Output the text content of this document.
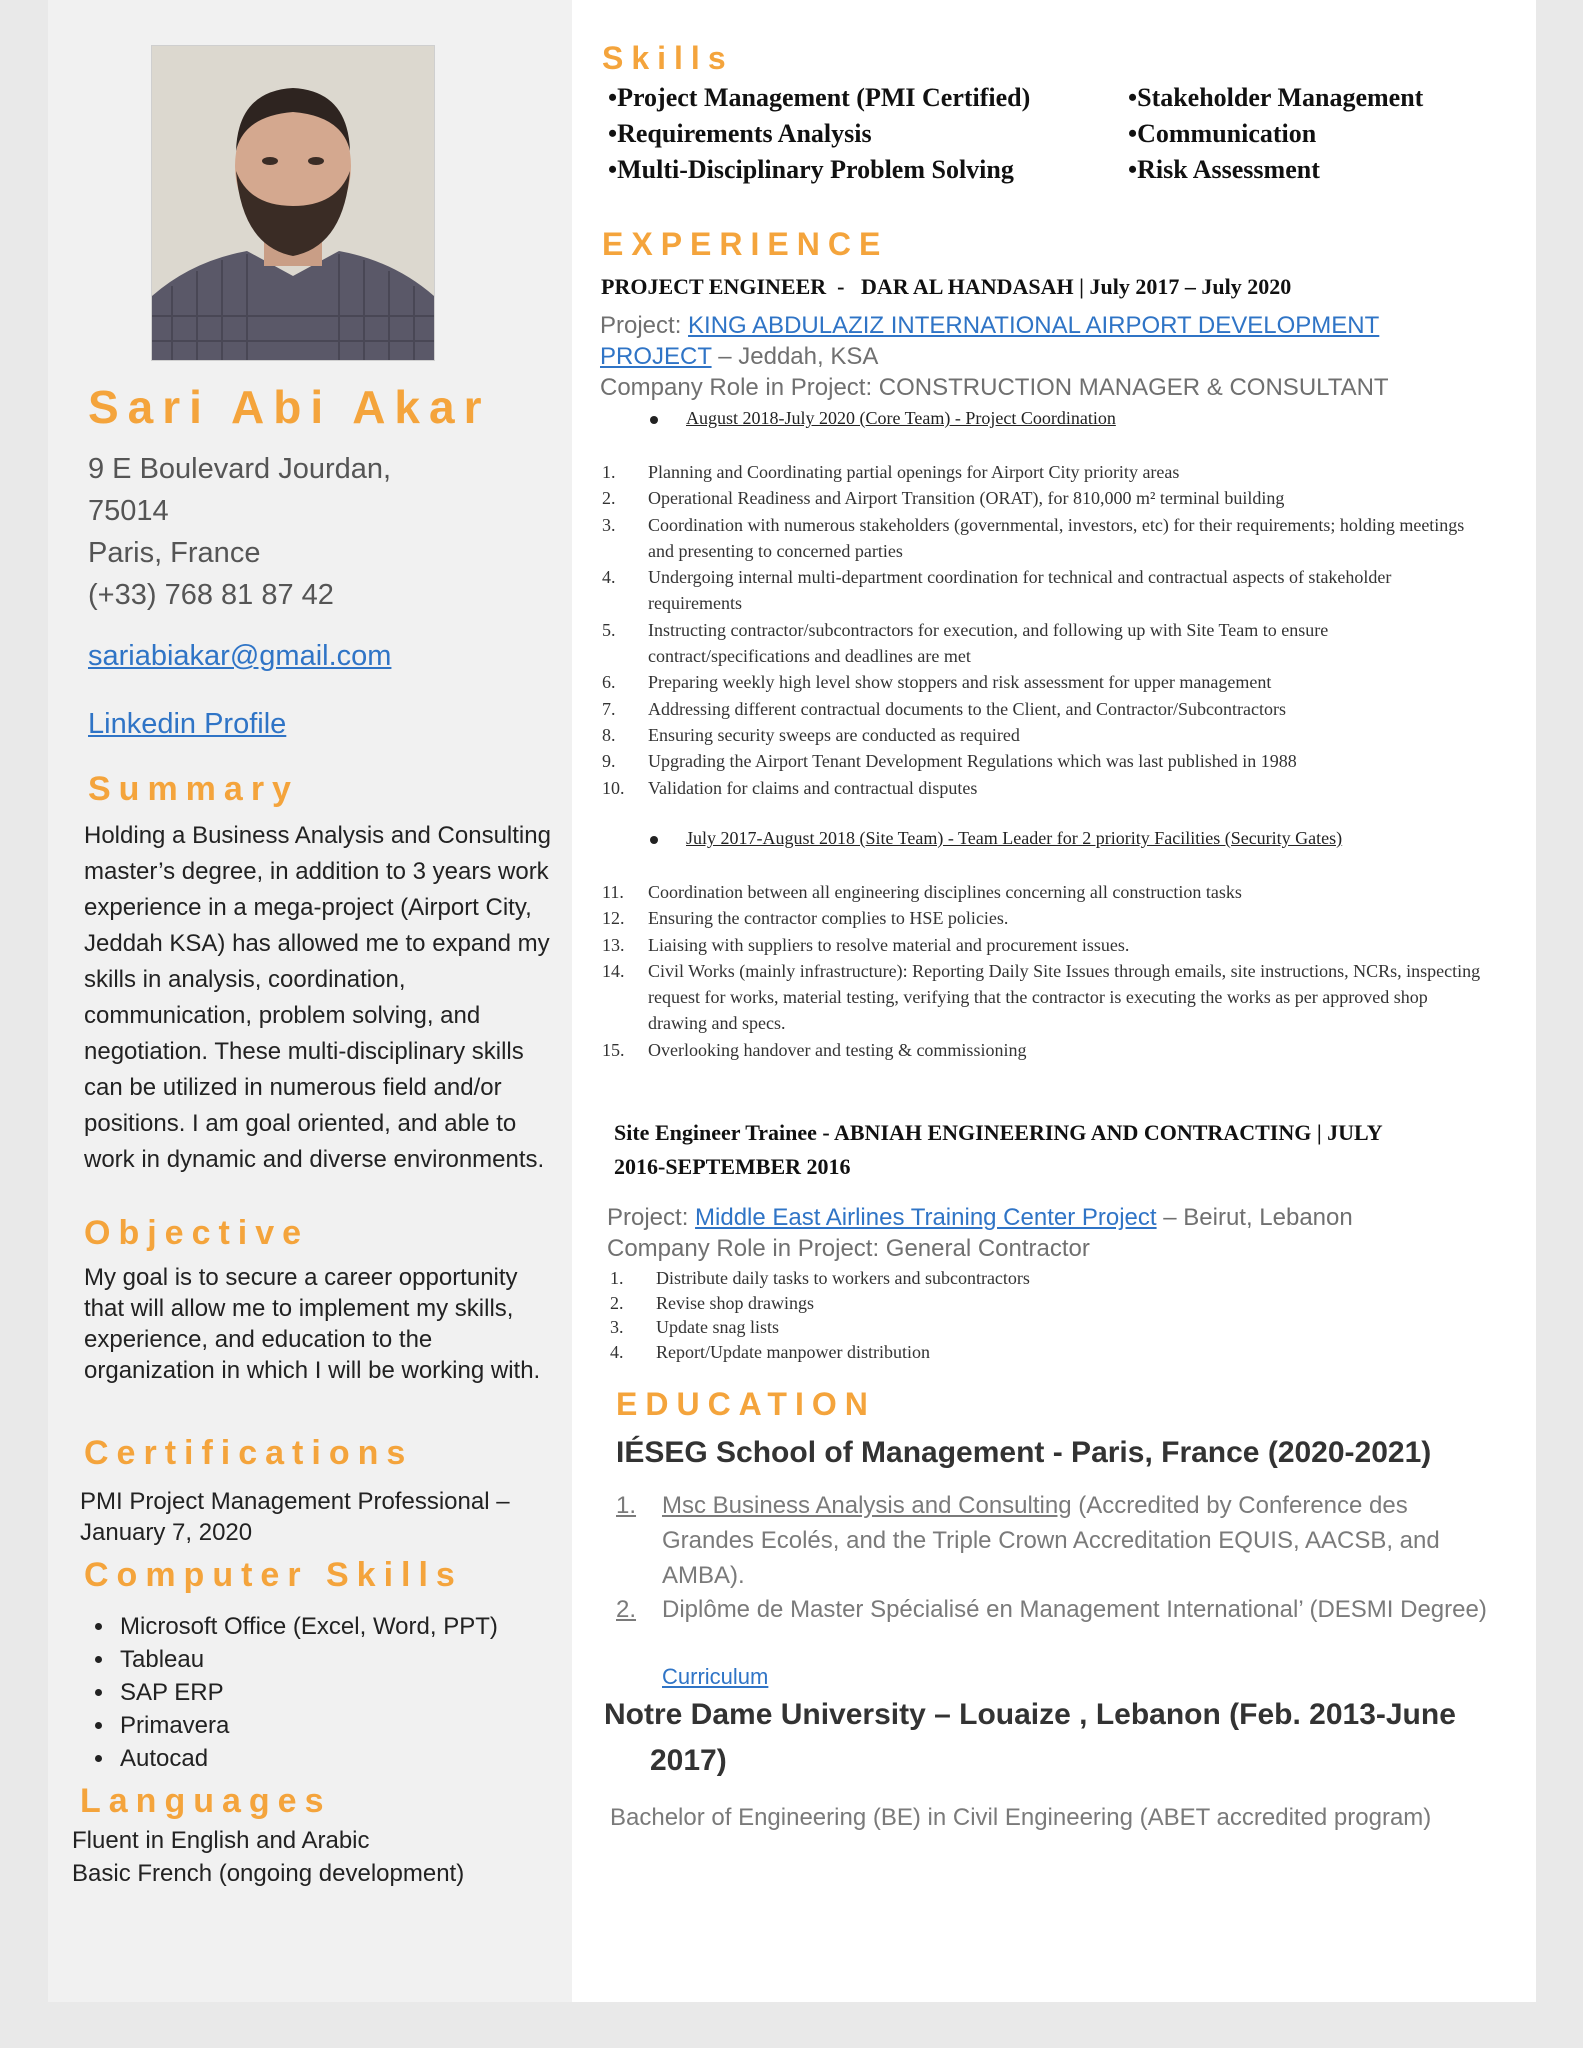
Sari Abi Akar
9 E Boulevard Jourdan,
75014
Paris, France
(+33) 768 81 87 42
sariabiakar@gmail.com
Linkedin Profile
Summary
Holding a Business Analysis and Consulting master’s degree, in addition to 3 years work experience in a mega-project (Airport City, Jeddah KSA) has allowed me to expand my skills in analysis, coordination, communication, problem solving, and negotiation. These multi-disciplinary skills can be utilized in numerous field and/or positions. I am goal oriented, and able to work in dynamic and diverse environments.
Objective
My goal is to secure a career opportunity that will allow me to implement my skills, experience, and education to the organization in which I will be working with.
Certifications
PMI Project Management Professional – January 7, 2020
Computer Skills
• Microsoft Office (Excel, Word, PPT)
• Tableau
• SAP ERP
• Primavera
• Autocad
Languages
Fluent in English and Arabic
Basic French (ongoing development)
Skills
•Project Management (PMI Certified)	•Stakeholder Management
•Requirements Analysis	•Communication
•Multi-Disciplinary Problem Solving	•Risk Assessment
EXPERIENCE
PROJECT ENGINEER  -   DAR AL HANDASAH | July 2017 – July 2020
Project: KING ABDULAZIZ INTERNATIONAL AIRPORT DEVELOPMENT
PROJECT – Jeddah, KSA
Company Role in Project: CONSTRUCTION MANAGER & CONSULTANT
August 2018-July 2020 (Core Team) - Project Coordination
1. Planning and Coordinating partial openings for Airport City priority areas
2. Operational Readiness and Airport Transition (ORAT), for 810,000 m² terminal building
3. Coordination with numerous stakeholders (governmental, investors, etc) for their requirements; holding meetings and presenting to concerned parties
4. Undergoing internal multi-department coordination for technical and contractual aspects of stakeholder requirements
5. Instructing contractor/subcontractors for execution, and following up with Site Team to ensure contract/specifications and deadlines are met
6. Preparing weekly high level show stoppers and risk assessment for upper management
7. Addressing different contractual documents to the Client, and Contractor/Subcontractors
8. Ensuring security sweeps are conducted as required
9. Upgrading the Airport Tenant Development Regulations which was last published in 1988
10. Validation for claims and contractual disputes
July 2017-August 2018 (Site Team) - Team Leader for 2 priority Facilities (Security Gates)
11. Coordination between all engineering disciplines concerning all construction tasks
12. Ensuring the contractor complies to HSE policies.
13. Liaising with suppliers to resolve material and procurement issues.
14. Civil Works (mainly infrastructure): Reporting Daily Site Issues through emails, site instructions, NCRs, inspecting request for works, material testing, verifying that the contractor is executing the works as per approved shop drawing and specs.
15. Overlooking handover and testing & commissioning
Site Engineer Trainee - ABNIAH ENGINEERING AND CONTRACTING | JULY
2016-SEPTEMBER 2016
Project: Middle East Airlines Training Center Project – Beirut, Lebanon
Company Role in Project: General Contractor
1. Distribute daily tasks to workers and subcontractors
2. Revise shop drawings
3. Update snag lists
4. Report/Update manpower distribution
EDUCATION
IÉSEG School of Management - Paris, France (2020-2021)
1. Msc Business Analysis and Consulting (Accredited by Conference des Grandes Ecolés, and the Triple Crown Accreditation EQUIS, AACSB, and AMBA).
2. Diplôme de Master Spécialisé en Management International’ (DESMI Degree)
Curriculum
Notre Dame University – Louaize , Lebanon (Feb. 2013-June
2017)
Bachelor of Engineering (BE) in Civil Engineering (ABET accredited program)
